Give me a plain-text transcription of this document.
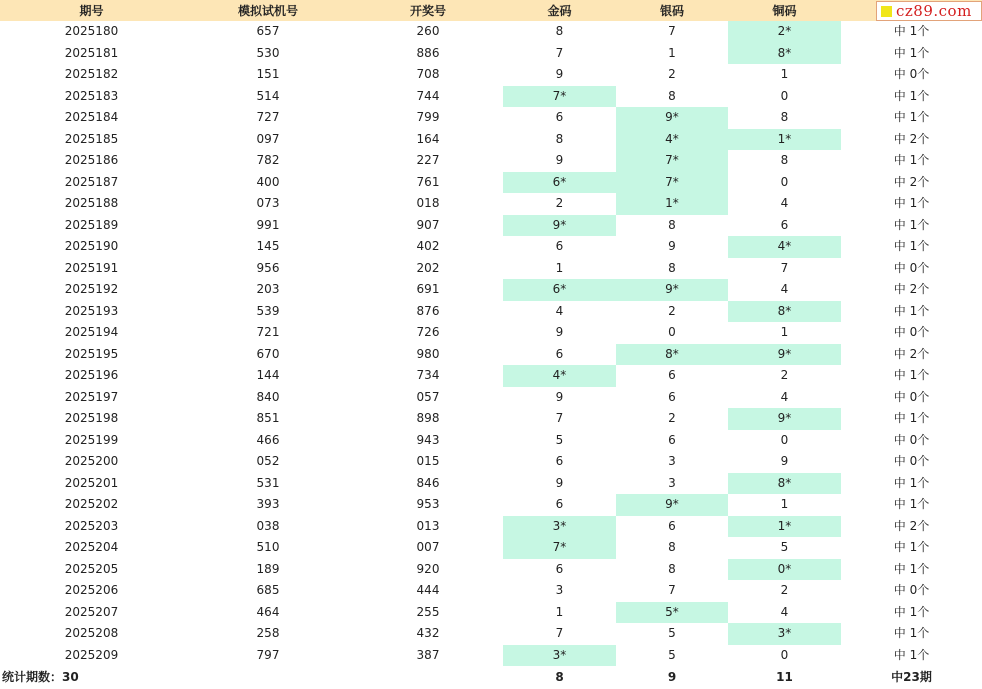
期号	模拟试机号	开奖号	金码	银码	铜码	
2025180	657	260	8	7	2*	中 1个
2025181	530	886	7	1	8*	中 1个
2025182	151	708	9	2	1	中 0个
2025183	514	744	7*	8	0	中 1个
2025184	727	799	6	9*	8	中 1个
2025185	097	164	8	4*	1*	中 2个
2025186	782	227	9	7*	8	中 1个
2025187	400	761	6*	7*	0	中 2个
2025188	073	018	2	1*	4	中 1个
2025189	991	907	9*	8	6	中 1个
2025190	145	402	6	9	4*	中 1个
2025191	956	202	1	8	7	中 0个
2025192	203	691	6*	9*	4	中 2个
2025193	539	876	4	2	8*	中 1个
2025194	721	726	9	0	1	中 0个
2025195	670	980	6	8*	9*	中 2个
2025196	144	734	4*	6	2	中 1个
2025197	840	057	9	6	4	中 0个
2025198	851	898	7	2	9*	中 1个
2025199	466	943	5	6	0	中 0个
2025200	052	015	6	3	9	中 0个
2025201	531	846	9	3	8*	中 1个
2025202	393	953	6	9*	1	中 1个
2025203	038	013	3*	6	1*	中 2个
2025204	510	007	7*	8	5	中 1个
2025205	189	920	6	8	0*	中 1个
2025206	685	444	3	7	2	中 0个
2025207	464	255	1	5*	4	中 1个
2025208	258	432	7	5	3*	中 1个
2025209	797	387	3*	5	0	中 1个
统计期数：30			8	9	11	中23期
cz89.com
